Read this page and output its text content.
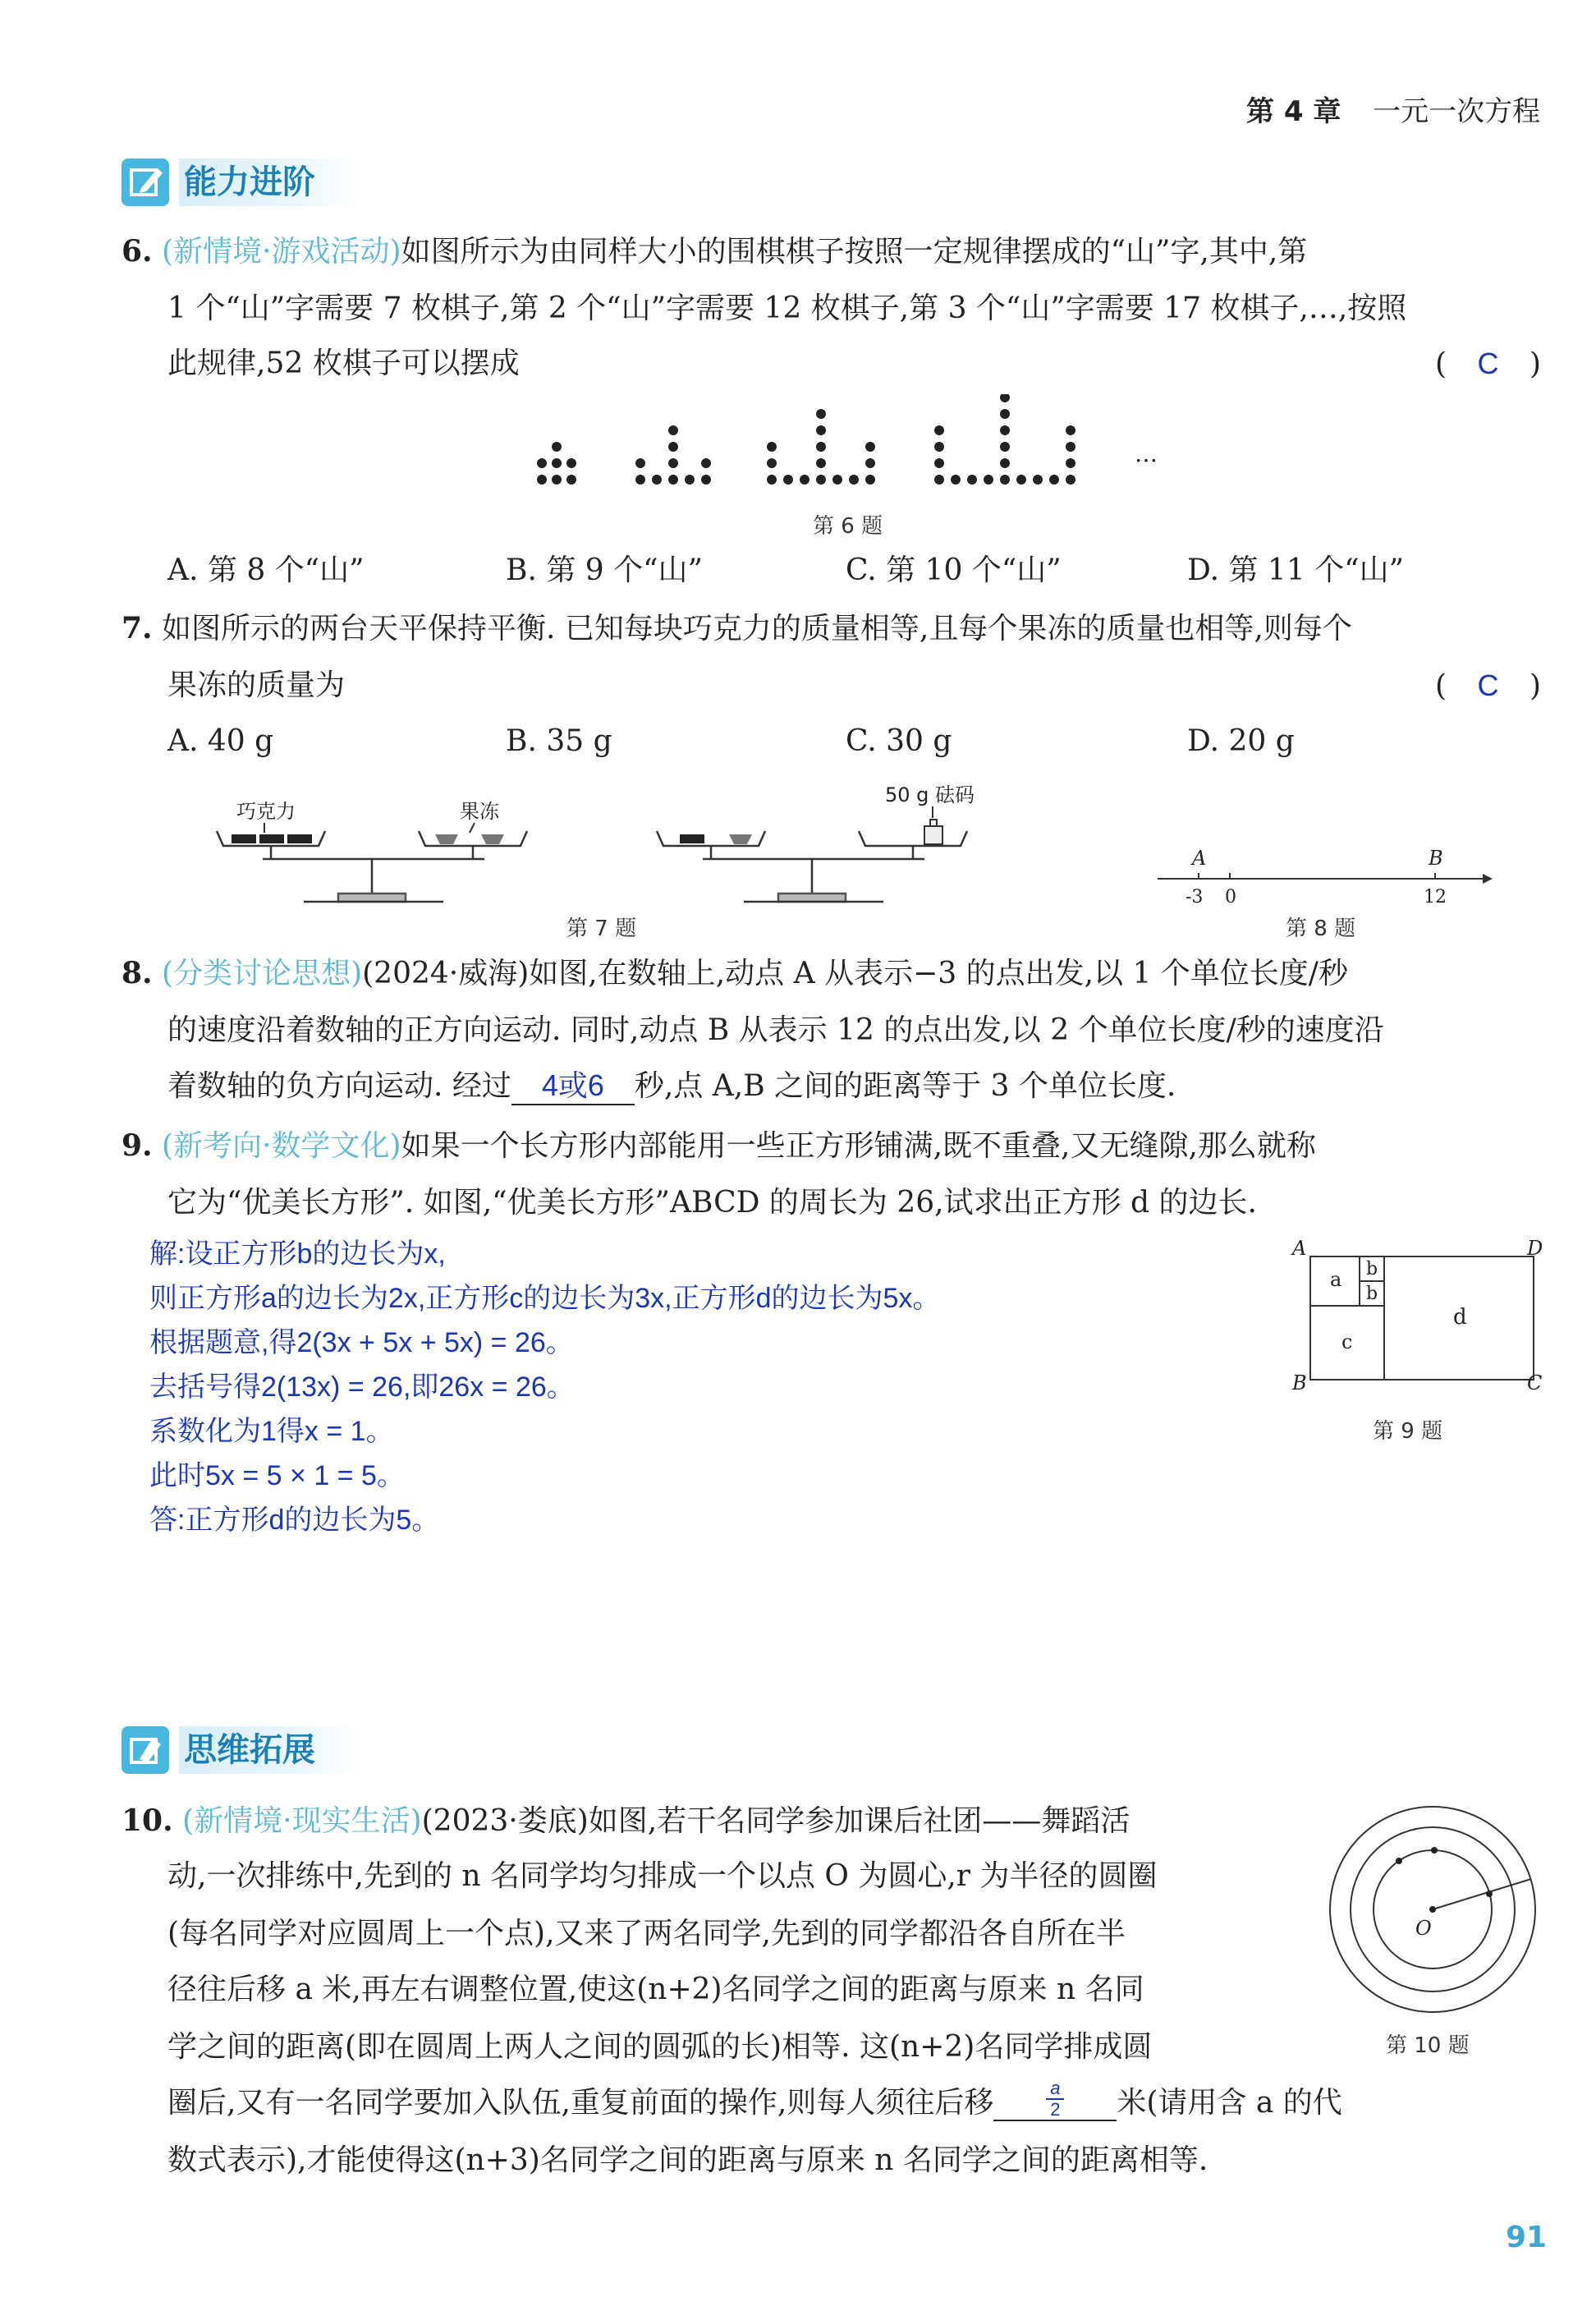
第 4 章 一元一次方程
能力进阶
6. (新情境·游戏活动)如图所示为由同样大小的围棋棋子按照一定规律摆成的“山”字,其中,第
1 个“山”字需要 7 枚棋子,第 2 个“山”字需要 12 枚棋子,第 3 个“山”字需要 17 枚棋子,…,按照
此规律,52 枚棋子可以摆成	( C )
…
第 6 题
A. 第 8 个“山”	B. 第 9 个“山”	C. 第 10 个“山”	D. 第 11 个“山”
7. 如图所示的两台天平保持平衡. 已知每块巧克力的质量相等,且每个果冻的质量也相等,则每个
果冻的质量为	( C )
A. 40 g	B. 35 g	C. 30 g	D. 20 g
巧克力	果冻
50 g 砝码
第 7 题
A	B
-3 0	12
第 8 题
8. (分类讨论思想)(2024·威海)如图,在数轴上,动点 A 从表示−3 的点出发,以 1 个单位长度/秒
的速度沿着数轴的正方向运动. 同时,动点 B 从表示 12 的点出发,以 2 个单位长度/秒的速度沿
着数轴的负方向运动. 经过 4或6 秒,点 A,B 之间的距离等于 3 个单位长度.
9. (新考向·数学文化)如果一个长方形内部能用一些正方形铺满,既不重叠,又无缝隙,那么就称
它为“优美长方形”. 如图,“优美长方形”ABCD 的周长为 26,试求出正方形 d 的边长.
解:设正方形b的边长为x,
则正方形a的边长为2x,正方形c的边长为3x,正方形d的边长为5x。
根据题意,得2(3x + 5x + 5x) = 26。
去括号得2(13x) = 26,即26x = 26。
系数化为1得x = 1。
此时5x = 5 × 1 = 5。
答:正方形d的边长为5。
A
B	C
D
a b
b
c
d
第 9 题
思维拓展
10. (新情境·现实生活)(2023·娄底)如图,若干名同学参加课后社团——舞蹈活
动,一次排练中,先到的 n 名同学均匀排成一个以点 O 为圆心,r 为半径的圆圈
(每名同学对应圆周上一个点),又来了两名同学,先到的同学都沿各自所在半
径往后移 a 米,再左右调整位置,使这(n+2)名同学之间的距离与原来 n 名同
学之间的距离(即在圆周上两人之间的圆弧的长)相等. 这(n+2)名同学排成圆
圈后,又有一名同学要加入队伍,重复前面的操作,则每人须往后移 $\frac{a}{2}$ 米(请用含 a 的代
数式表示),才能使得这(n+3)名同学之间的距离与原来 n 名同学之间的距离相等.
O
第 10 题
91
